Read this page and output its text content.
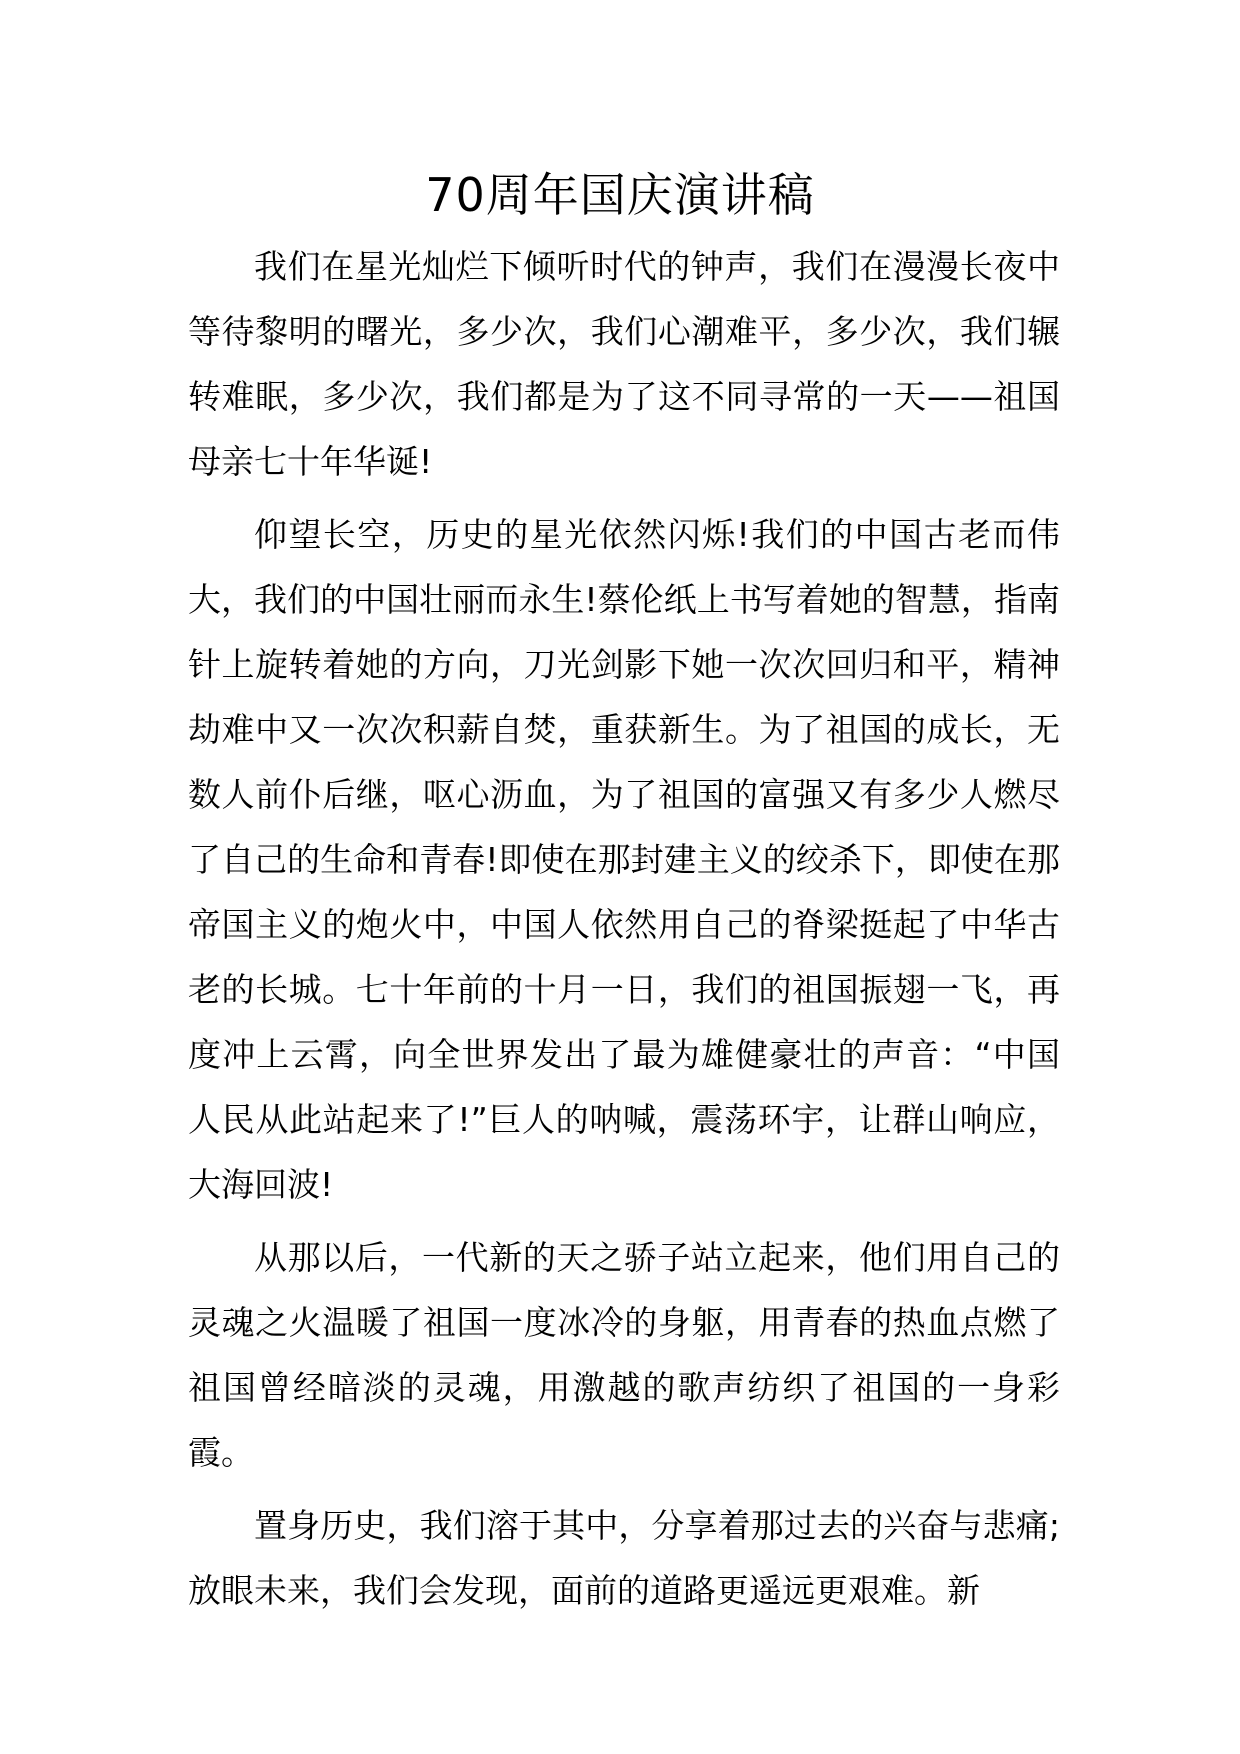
70周年国庆演讲稿

我们在星光灿烂下倾听时代的钟声，我们在漫漫长夜中等待黎明的曙光，多少次，我们心潮难平，多少次，我们辗转难眠，多少次，我们都是为了这不同寻常的一天——祖国母亲七十年华诞!

仰望长空，历史的星光依然闪烁!我们的中国古老而伟大，我们的中国壮丽而永生!蔡伦纸上书写着她的智慧，指南针上旋转着她的方向，刀光剑影下她一次次回归和平，精神劫难中又一次次积薪自焚，重获新生。为了祖国的成长，无数人前仆后继，呕心沥血，为了祖国的富强又有多少人燃尽了自己的生命和青春!即使在那封建主义的绞杀下，即使在那帝国主义的炮火中，中国人依然用自己的脊梁挺起了中华古老的长城。七十年前的十月一日，我们的祖国振翅一飞，再度冲上云霄，向全世界发出了最为雄健豪壮的声音：“中国人民从此站起来了!”巨人的呐喊，震荡环宇，让群山响应，大海回波!

从那以后，一代新的天之骄子站立起来，他们用自己的灵魂之火温暖了祖国一度冰冷的身躯，用青春的热血点燃了祖国曾经暗淡的灵魂，用激越的歌声纺织了祖国的一身彩霞。

置身历史，我们溶于其中，分享着那过去的兴奋与悲痛;放眼未来，我们会发现，面前的道路更遥远更艰难。新
